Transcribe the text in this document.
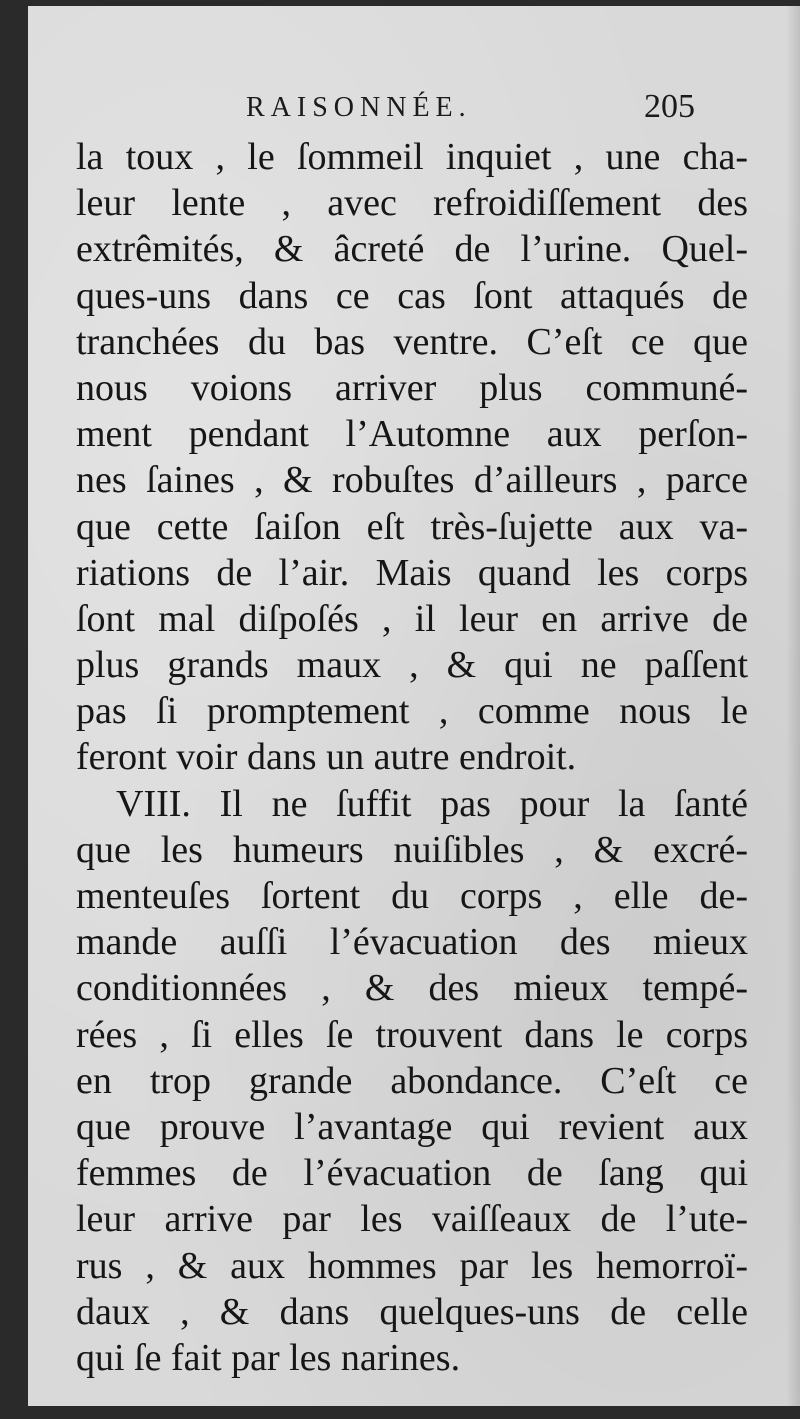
RAISONNÉE.	205
la toux , le ſommeil inquiet , une cha-
leur lente , avec refroidiſſement des
extrêmités, & âcreté de l’urine. Quel-
ques-uns dans ce cas ſont attaqués de
tranchées du bas ventre. C’eſt ce que
nous voions arriver plus communé-
ment pendant l’Automne aux perſon-
nes ſaines , & robuſtes d’ailleurs , parce
que cette ſaiſon eſt très-ſujette aux va-
riations de l’air. Mais quand les corps
ſont mal diſpoſés , il leur en arrive de
plus grands maux , & qui ne paſſent
pas ſi promptement , comme nous le
feront voir dans un autre endroit.
VIII. Il ne ſuffit pas pour la ſanté
que les humeurs nuiſibles , & excré-
menteuſes ſortent du corps , elle de-
mande auſſi l’évacuation des mieux
conditionnées , & des mieux tempé-
rées , ſi elles ſe trouvent dans le corps
en trop grande abondance. C’eſt ce
que prouve l’avantage qui revient aux
femmes de l’évacuation de ſang qui
leur arrive par les vaiſſeaux de l’ute-
rus , & aux hommes par les hemorroï-
daux , & dans quelques-uns de celle
qui ſe fait par les narines.
